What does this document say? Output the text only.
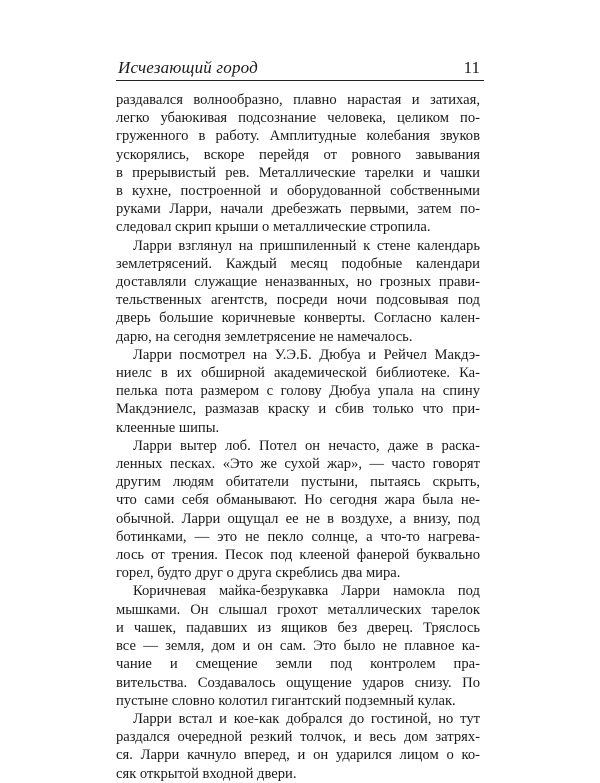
Исчезающий город	11
раздавался волнообразно, плавно нарастая и затихая,
легко убаюкивая подсознание человека, целиком по-
груженного в работу. Амплитудные колебания звуков
ускорялись, вскоре перейдя от ровного завывания
в прерывистый рев. Металлические тарелки и чашки
в кухне, построенной и оборудованной собственными
руками Ларри, начали дребезжать первыми, затем по-
следовал скрип крыши о металлические стропила.
Ларри взглянул на пришпиленный к стене календарь
землетрясений. Каждый месяц подобные календари
доставляли служащие неназванных, но грозных прави-
тельственных агентств, посреди ночи подсовывая под
дверь большие коричневые конверты. Согласно кален-
дарю, на сегодня землетрясение не намечалось.
Ларри посмотрел на У.Э.Б. Дюбуа и Рейчел Макдэ-
ниелс в их обширной академической библиотеке. Ка-
пелька пота размером с голову Дюбуа упала на спину
Макдэниелс, размазав краску и сбив только что при-
клеенные шипы.
Ларри вытер лоб. Потел он нечасто, даже в раска-
ленных песках. «Это же сухой жар», — часто говорят
другим людям обитатели пустыни, пытаясь скрыть,
что сами себя обманывают. Но сегодня жара была не-
обычной. Ларри ощущал ее не в воздухе, а внизу, под
ботинками, — это не пекло солнце, а что-то нагрева-
лось от трения. Песок под клееной фанерой буквально
горел, будто друг о друга скреблись два мира.
Коричневая майка-безрукавка Ларри намокла под
мышками. Он слышал грохот металлических тарелок
и чашек, падавших из ящиков без дверец. Тряслось
все — земля, дом и он сам. Это было не плавное ка-
чание и смещение земли под контролем пра-
вительства. Создавалось ощущение ударов снизу. По
пустыне словно колотил гигантский подземный кулак.
Ларри встал и кое-как добрался до гостиной, но тут
раздался очередной резкий толчок, и весь дом затрях-
ся. Ларри качнуло вперед, и он ударился лицом о ко-
сяк открытой входной двери.
